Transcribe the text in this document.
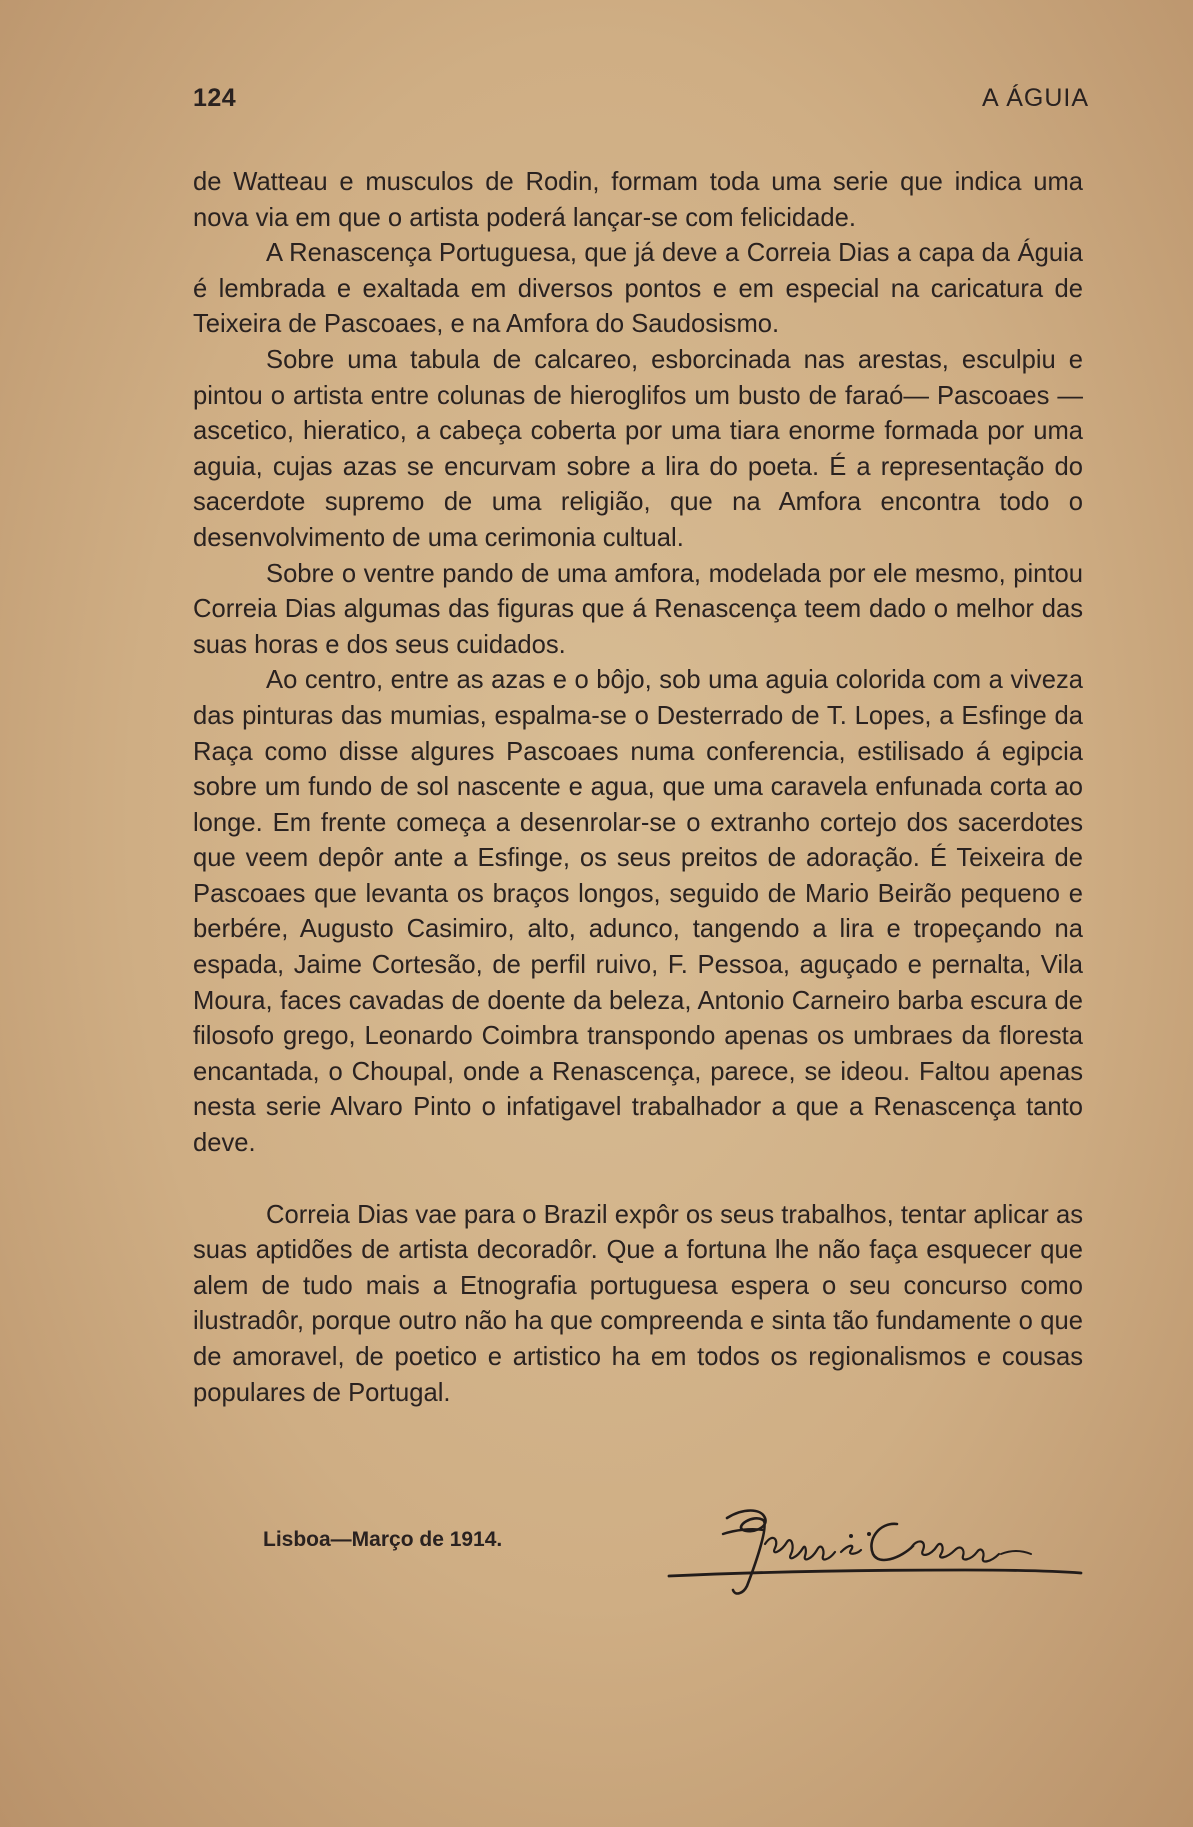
124	A ÁGUIA

de Watteau e musculos de Rodin, formam toda uma serie que indica uma nova via em que o artista poderá lançar-se com felicidade.

A Renascença Portuguesa, que já deve a Correia Dias a capa da Águia é lembrada e exaltada em diversos pontos e em especial na caricatura de Teixeira de Pascoaes, e na Amfora do Saudosismo.

Sobre uma tabula de calcareo, esborcinada nas arestas, esculpiu e pintou o artista entre colunas de hieroglifos um busto de faraó— Pascoaes — ascetico, hieratico, a cabeça coberta por uma tiara enorme formada por uma aguia, cujas azas se encurvam sobre a lira do poeta. É a representação do sacerdote supremo de uma religião, que na Amfora encontra todo o desenvolvimento de uma cerimonia cultual.

Sobre o ventre pando de uma amfora, modelada por ele mesmo, pintou Correia Dias algumas das figuras que á Renascença teem dado o melhor das suas horas e dos seus cuidados.

Ao centro, entre as azas e o bôjo, sob uma aguia colorida com a viveza das pinturas das mumias, espalma-se o Desterrado de T. Lopes, a Esfinge da Raça como disse algures Pascoaes numa conferencia, estilisado á egipcia sobre um fundo de sol nascente e agua, que uma caravela enfunada corta ao longe. Em frente começa a desenrolar-se o extranho cortejo dos sacerdotes que veem depôr ante a Esfinge, os seus preitos de adoração. É Teixeira de Pascoaes que levanta os braços longos, seguido de Mario Beirão pequeno e berbére, Augusto Casimiro, alto, adunco, tangendo a lira e tropeçando na espada, Jaime Cortesão, de perfil ruivo, F. Pessoa, aguçado e pernalta, Vila Moura, faces cavadas de doente da beleza, Antonio Carneiro barba escura de filosofo grego, Leonardo Coimbra transpondo apenas os umbraes da floresta encantada, o Choupal, onde a Renascença, parece, se ideou. Faltou apenas nesta serie Alvaro Pinto o infatigavel trabalhador a que a Renascença tanto deve.

Correia Dias vae para o Brazil expôr os seus trabalhos, tentar aplicar as suas aptidões de artista decoradôr. Que a fortuna lhe não faça esquecer que alem de tudo mais a Etnografia portuguesa espera o seu concurso como ilustradôr, porque outro não ha que compreenda e sinta tão fundamente o que de amoravel, de poetico e artistico ha em todos os regionalismos e cousas populares de Portugal.

Lisboa—Março de 1914.
